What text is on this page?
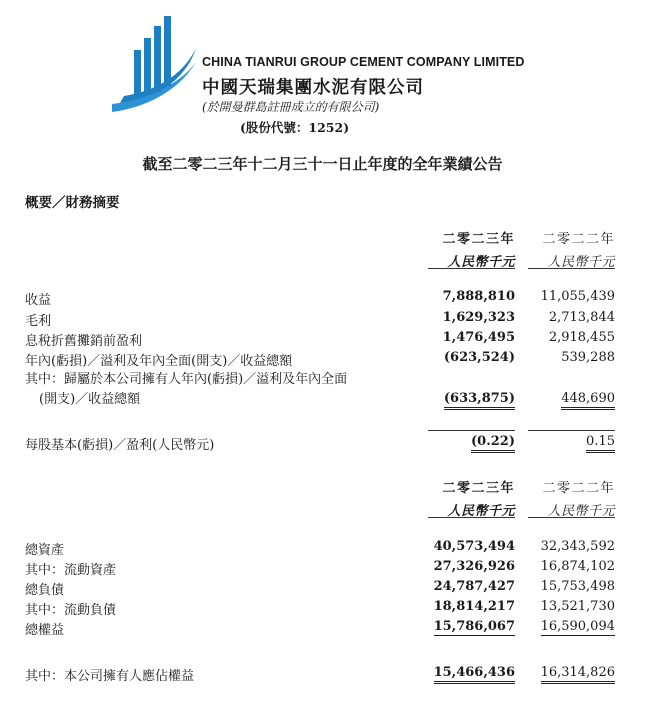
CHINA TIANRUI GROUP CEMENT COMPANY LIMITED
中國天瑞集團水泥有限公司
(於開曼群島註冊成立的有限公司)
(股份代號：1252)
截至二零二三年十二月三十一日止年度的全年業績公告
概要／財務摘要
二零二三年
人民幣千元
二零二二年
人民幣千元
收益	7,888,810 11,055,439
毛利	1,629,323	2,713,844
息稅折舊攤銷前盈利	1,476,495	2,918,455
年內(虧損)／溢利及年內全面(開支)／收益總額	(623,524)	539,288
其中：歸屬於本公司擁有人年內(虧損)／溢利及年內全面
(開支)／收益總額	(633,875)	448,690
每股基本(虧損)／盈利(人民幣元)	(0.22)	0.15
二零二三年
人民幣千元
二零二二年
人民幣千元
總資產	40,573,494 32,343,592
其中：流動資產	27,326,926 16,874,102
總負債	24,787,427 15,753,498
其中：流動負債	18,814,217 13,521,730
總權益	15,786,067 16,590,094
其中：本公司擁有人應佔權益	15,466,436 16,314,826
